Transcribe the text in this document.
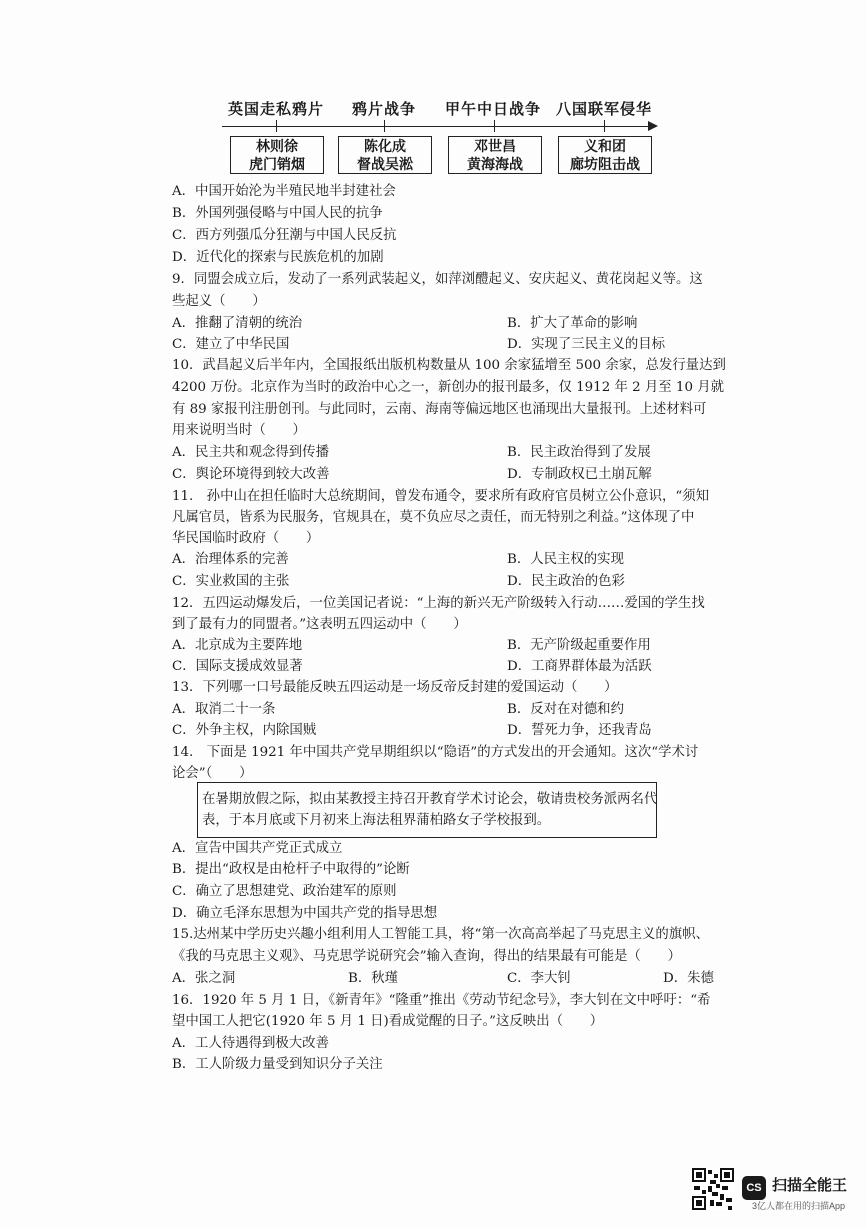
英国走私鸦片 鸦片战争 甲午中日战争 八国联军侵华
林则徐
虎门销烟
陈化成
督战吴淞
邓世昌
黄海海战
义和团
廊坊阻击战
A．中国开始沦为半殖民地半封建社会
B．外国列强侵略与中国人民的抗争
C．西方列强瓜分狂潮与中国人民反抗
D．近代化的探索与民族危机的加剧
9．同盟会成立后，发动了一系列武装起义，如萍浏醴起义、安庆起义、黄花岗起义等。这
些起义（　　）
A．推翻了清朝的统治	B．扩大了革命的影响
C．建立了中华民国	D．实现了三民主义的目标
10．武昌起义后半年内，全国报纸出版机构数量从 100 余家猛增至 500 余家，总发行量达到
4200 万份。北京作为当时的政治中心之一，新创办的报刊最多，仅 1912 年 2 月至 10 月就
有 89 家报刊注册创刊。与此同时，云南、海南等偏远地区也涌现出大量报刊。上述材料可
用来说明当时（　　）
A．民主共和观念得到传播	B．民主政治得到了发展
C．舆论环境得到较大改善	D．专制政权已土崩瓦解
11.　孙中山在担任临时大总统期间，曾发布通令，要求所有政府官员树立公仆意识，“须知
凡属官员，皆系为民服务，官规具在，莫不负应尽之责任，而无特别之利益。”这体现了中
华民国临时政府（　　）
A．治理体系的完善	B．人民主权的实现
C．实业救国的主张	D．民主政治的色彩
12．五四运动爆发后，一位美国记者说：“上海的新兴无产阶级转入行动……爱国的学生找
到了最有力的同盟者。”这表明五四运动中（　　）
A．北京成为主要阵地	B．无产阶级起重要作用
C．国际支援成效显著	D．工商界群体最为活跃
13．下列哪一口号最能反映五四运动是一场反帝反封建的爱国运动（　　）
A．取消二十一条	B．反对在对德和约
C．外争主权，内除国贼	D．誓死力争，还我青岛
14.　下面是 1921 年中国共产党早期组织以“隐语”的方式发出的开会通知。这次“学术讨
论会”（　　）
在暑期放假之际，拟由某教授主持召开教育学术讨论会，敬请贵校务派两名代
表，于本月底或下月初来上海法租界蒲柏路女子学校报到。
A．宣告中国共产党正式成立
B．提出“政权是由枪杆子中取得的”论断
C．确立了思想建党、政治建军的原则
D．确立毛泽东思想为中国共产党的指导思想
15.达州某中学历史兴趣小组利用人工智能工具，将“第一次高高举起了马克思主义的旗帜、
《我的马克思主义观》、马克思学说研究会”输入查询，得出的结果最有可能是（　　）
A．张之洞	B．秋瑾	C．李大钊	D．朱德
16．1920 年 5 月 1 日，《新青年》“隆重”推出《劳动节纪念号》，李大钊在文中呼吁：“希
望中国工人把它(1920 年 5 月 1 日)看成觉醒的日子。”这反映出（　　）
A．工人待遇得到极大改善
B．工人阶级力量受到知识分子关注
CS 扫描全能王
3亿人都在用的扫描App
